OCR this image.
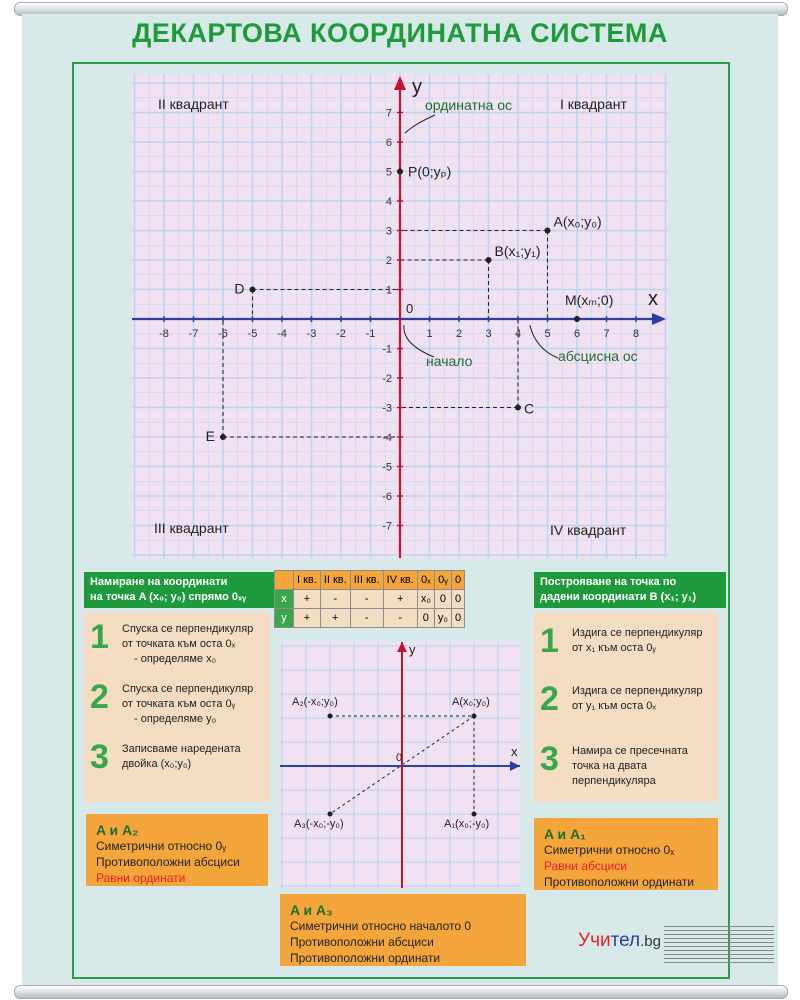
ДЕКАРТОВА КООРДИНАТНА СИСТЕМА
-8 -7 -6 -5 -4 -3 -2 -1	1 2 3 4 5 6 7 8
7
6
5
4
3
2
1
-1
-2
-3
-4
-5
-6
-7
0
A(x₀;y₀)
B(x₁;y₁)
C
D
E
P(0;yₚ)
M(xₘ;0)
II квадрант	I квадрант
III квадрант	IV квадрант
y
x
ординатна ос
абсцисна ос
начало
Намиране на координати
на точка A (x₀; y₀) спрямо 0ₓᵧ
1 Спуска се перпендикуляр
от точката към оста 0ₓ
- определяме x₀
2 Спуска се перпендикуляр
от точката към оста 0ᵧ
- определяме y₀
3 Записваме наредената
двойка (x₀;y₀)
	I кв.	II кв.	III кв.	IV кв.	0ₓ	0ᵧ	0
x	+	-	-	+	x₀	0	0
y	+	+	-	-	0	y₀	0
y
x
0
A(x₀;y₀)
A₂(-x₀;y₀)
A₁(x₀;-y₀)
A₃(-x₀;-y₀)
Построяване на точка по
дадени координати B (x₁; y₁)
1 Издига се перпендикуляр
от x₁ към оста 0ᵧ
2 Издига се перпендикуляр
от y₁ към оста 0ₓ
3 Намира се пресечната
точка на двата
перпендикуляра
A и A₂
Симетрични относно 0ᵧ
Противоположни абсциси
Равни ординати
A и A₁
Симетрични относно 0ₓ
Равни абсциси
Противоположни ординати
A и A₃
Симетрични относно началото 0
Противоположни абсциси
Противоположни ординати
Учител.bg
